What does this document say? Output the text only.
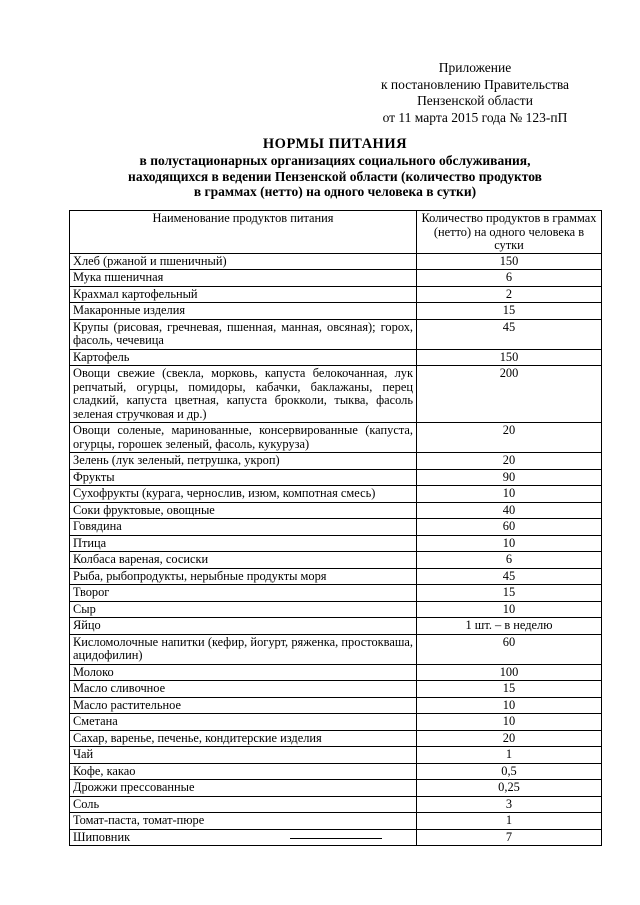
Приложение
к постановлению Правительства
Пензенской области
от 11 марта 2015 года № 123-пП
НОРМЫ ПИТАНИЯ
в полустационарных организациях социального обслуживания,
находящихся в ведении Пензенской области (количество продуктов
в граммах (нетто) на одного человека в сутки)
Наименование продуктов питания	Количество продуктов в граммах (нетто) на одного человека в сутки
Хлеб (ржаной и пшеничный)	150
Мука пшеничная	6
Крахмал картофельный	2
Макаронные изделия	15
Крупы (рисовая, гречневая, пшенная, манная, овсяная); горох, фасоль, чечевица	45
Картофель	150
Овощи свежие (свекла, морковь, капуста белокочанная, лук репчатый, огурцы, помидоры, кабачки, баклажаны, перец сладкий, капуста цветная, капуста брокколи, тыква, фасоль зеленая стручковая и др.)	200
Овощи соленые, маринованные, консервированные (капуста, огурцы, горошек зеленый, фасоль, кукуруза)	20
Зелень (лук зеленый, петрушка, укроп)	20
Фрукты	90
Сухофрукты (курага, чернослив, изюм, компотная смесь)	10
Соки фруктовые, овощные	40
Говядина	60
Птица	10
Колбаса вареная, сосиски	6
Рыба, рыбопродукты, нерыбные продукты моря	45
Творог	15
Сыр	10
Яйцо	1 шт. – в неделю
Кисломолочные напитки (кефир, йогурт, ряженка, простокваша, ацидофилин)	60
Молоко	100
Масло сливочное	15
Масло растительное	10
Сметана	10
Сахар, варенье, печенье, кондитерские изделия	20
Чай	1
Кофе, какао	0,5
Дрожжи прессованные	0,25
Соль	3
Томат-паста, томат-пюре	1
Шиповник	7
